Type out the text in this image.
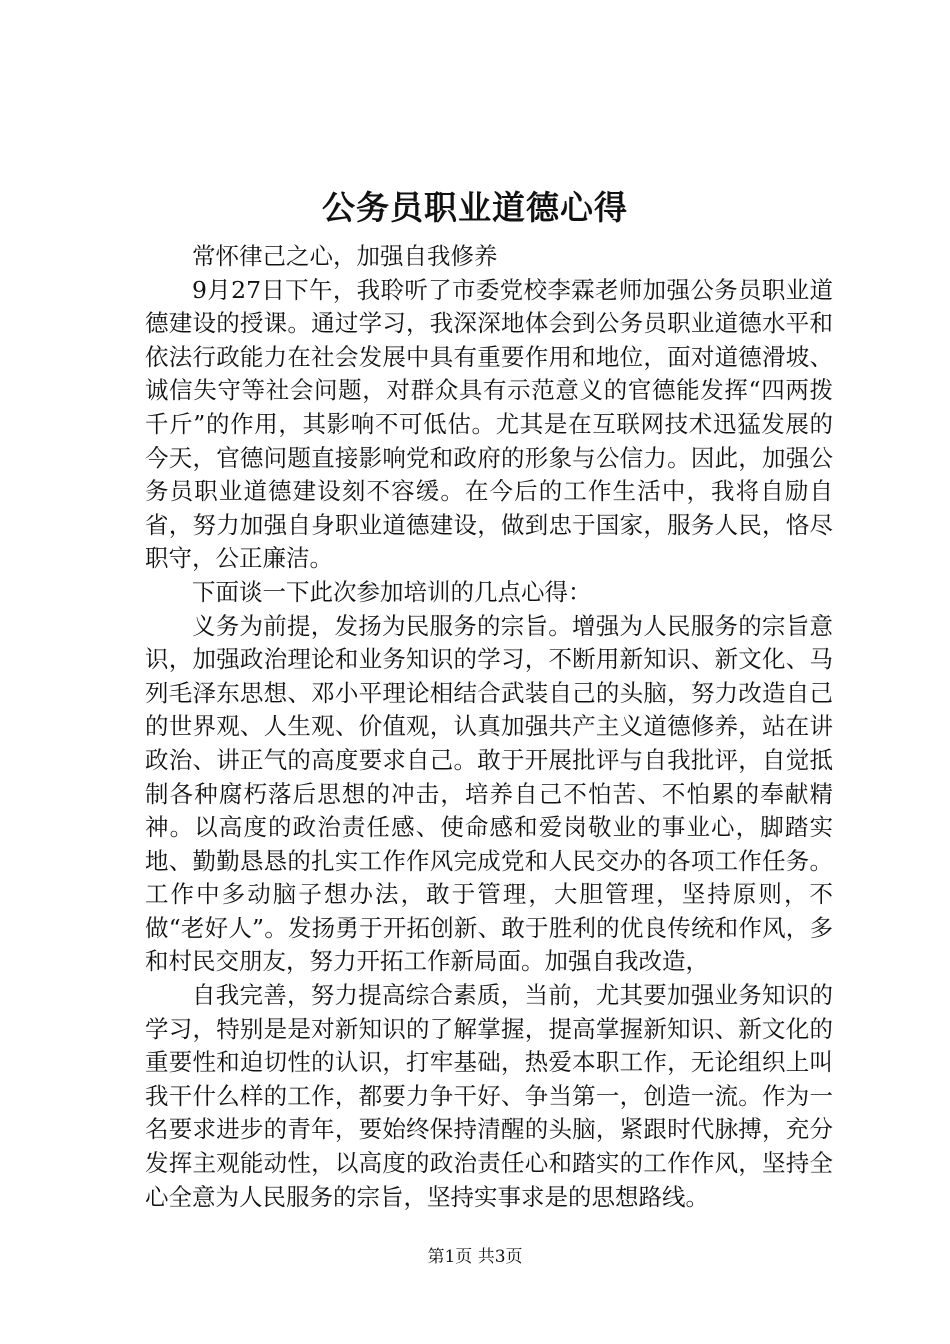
公务员职业道德心得

常怀律己之心，加强自我修养

9月27日下午，我聆听了市委党校李霖老师加强公务员职业道德建设的授课。通过学习，我深深地体会到公务员职业道德水平和依法行政能力在社会发展中具有重要作用和地位，面对道德滑坡、诚信失守等社会问题，对群众具有示范意义的官德能发挥“四两拨千斤”的作用，其影响不可低估。尤其是在互联网技术迅猛发展的今天，官德问题直接影响党和政府的形象与公信力。因此，加强公务员职业道德建设刻不容缓。在今后的工作生活中，我将自励自省，努力加强自身职业道德建设，做到忠于国家，服务人民，恪尽职守，公正廉洁。

下面谈一下此次参加培训的几点心得：

义务为前提，发扬为民服务的宗旨。增强为人民服务的宗旨意识，加强政治理论和业务知识的学习，不断用新知识、新文化、马列毛泽东思想、邓小平理论相结合武装自己的头脑，努力改造自己的世界观、人生观、价值观，认真加强共产主义道德修养，站在讲政治、讲正气的高度要求自己。敢于开展批评与自我批评，自觉抵制各种腐朽落后思想的冲击，培养自己不怕苦、不怕累的奉献精神。以高度的政治责任感、使命感和爱岗敬业的事业心，脚踏实地、勤勤恳恳的扎实工作作风完成党和人民交办的各项工作任务。工作中多动脑子想办法，敢于管理，大胆管理，坚持原则，不做“老好人”。发扬勇于开拓创新、敢于胜利的优良传统和作风，多和村民交朋友，努力开拓工作新局面。加强自我改造，

自我完善，努力提高综合素质，当前，尤其要加强业务知识的学习，特别是是对新知识的了解掌握，提高掌握新知识、新文化的重要性和迫切性的认识，打牢基础，热爱本职工作，无论组织上叫我干什么样的工作，都要力争干好、争当第一，创造一流。作为一名要求进步的青年，要始终保持清醒的头脑，紧跟时代脉搏，充分发挥主观能动性，以高度的政治责任心和踏实的工作作风，坚持全心全意为人民服务的宗旨，坚持实事求是的思想路线。

第1页 共3页
